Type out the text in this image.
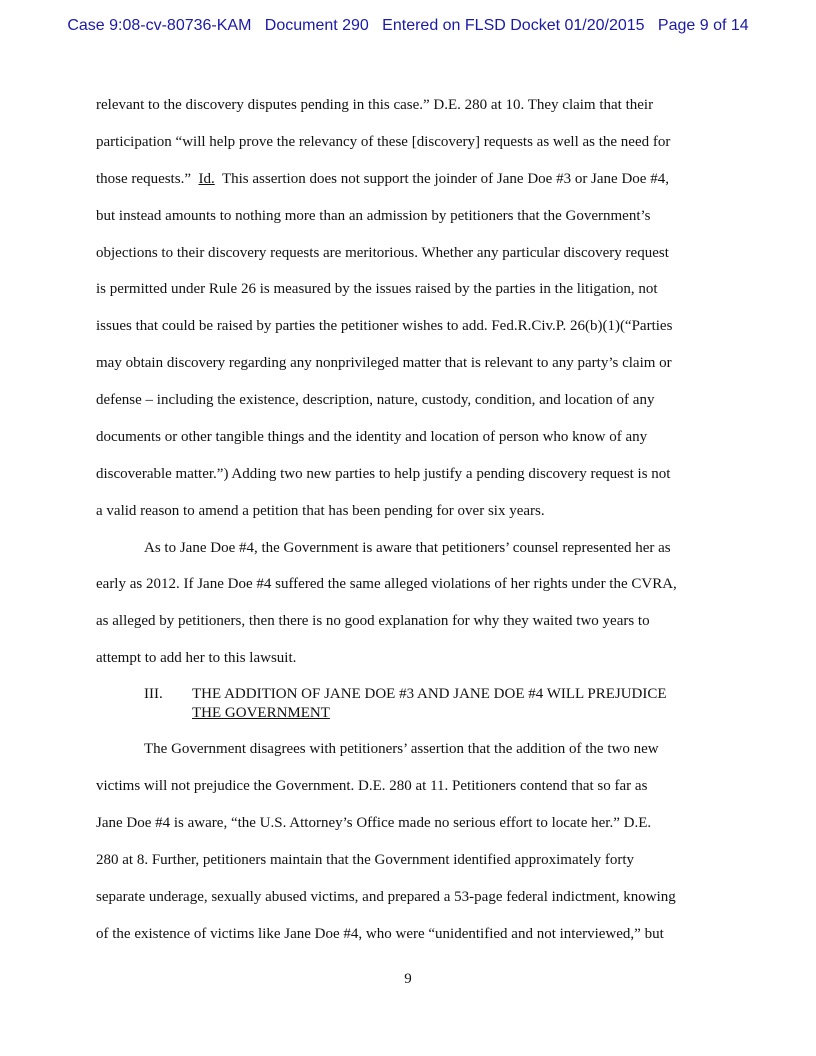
Case 9:08-cv-80736-KAM Document 290 Entered on FLSD Docket 01/20/2015 Page 9 of 14
relevant to the discovery disputes pending in this case.” D.E. 280 at 10. They claim that their
participation “will help prove the relevancy of these [discovery] requests as well as the need for
those requests.”  Id.  This assertion does not support the joinder of Jane Doe #3 or Jane Doe #4,
but instead amounts to nothing more than an admission by petitioners that the Government’s
objections to their discovery requests are meritorious. Whether any particular discovery request
is permitted under Rule 26 is measured by the issues raised by the parties in the litigation, not
issues that could be raised by parties the petitioner wishes to add. Fed.R.Civ.P. 26(b)(1)(“Parties
may obtain discovery regarding any nonprivileged matter that is relevant to any party’s claim or
defense – including the existence, description, nature, custody, condition, and location of any
documents or other tangible things and the identity and location of person who know of any
discoverable matter.”) Adding two new parties to help justify a pending discovery request is not
a valid reason to amend a petition that has been pending for over six years.
As to Jane Doe #4, the Government is aware that petitioners’ counsel represented her as
early as 2012. If Jane Doe #4 suffered the same alleged violations of her rights under the CVRA,
as alleged by petitioners, then there is no good explanation for why they waited two years to
attempt to add her to this lawsuit.
III. THE ADDITION OF JANE DOE #3 AND JANE DOE #4 WILL PREJUDICE
THE GOVERNMENT
The Government disagrees with petitioners’ assertion that the addition of the two new
victims will not prejudice the Government. D.E. 280 at 11. Petitioners contend that so far as
Jane Doe #4 is aware, “the U.S. Attorney’s Office made no serious effort to locate her.” D.E.
280 at 8. Further, petitioners maintain that the Government identified approximately forty
separate underage, sexually abused victims, and prepared a 53-page federal indictment, knowing
of the existence of victims like Jane Doe #4, who were “unidentified and not interviewed,” but
9
